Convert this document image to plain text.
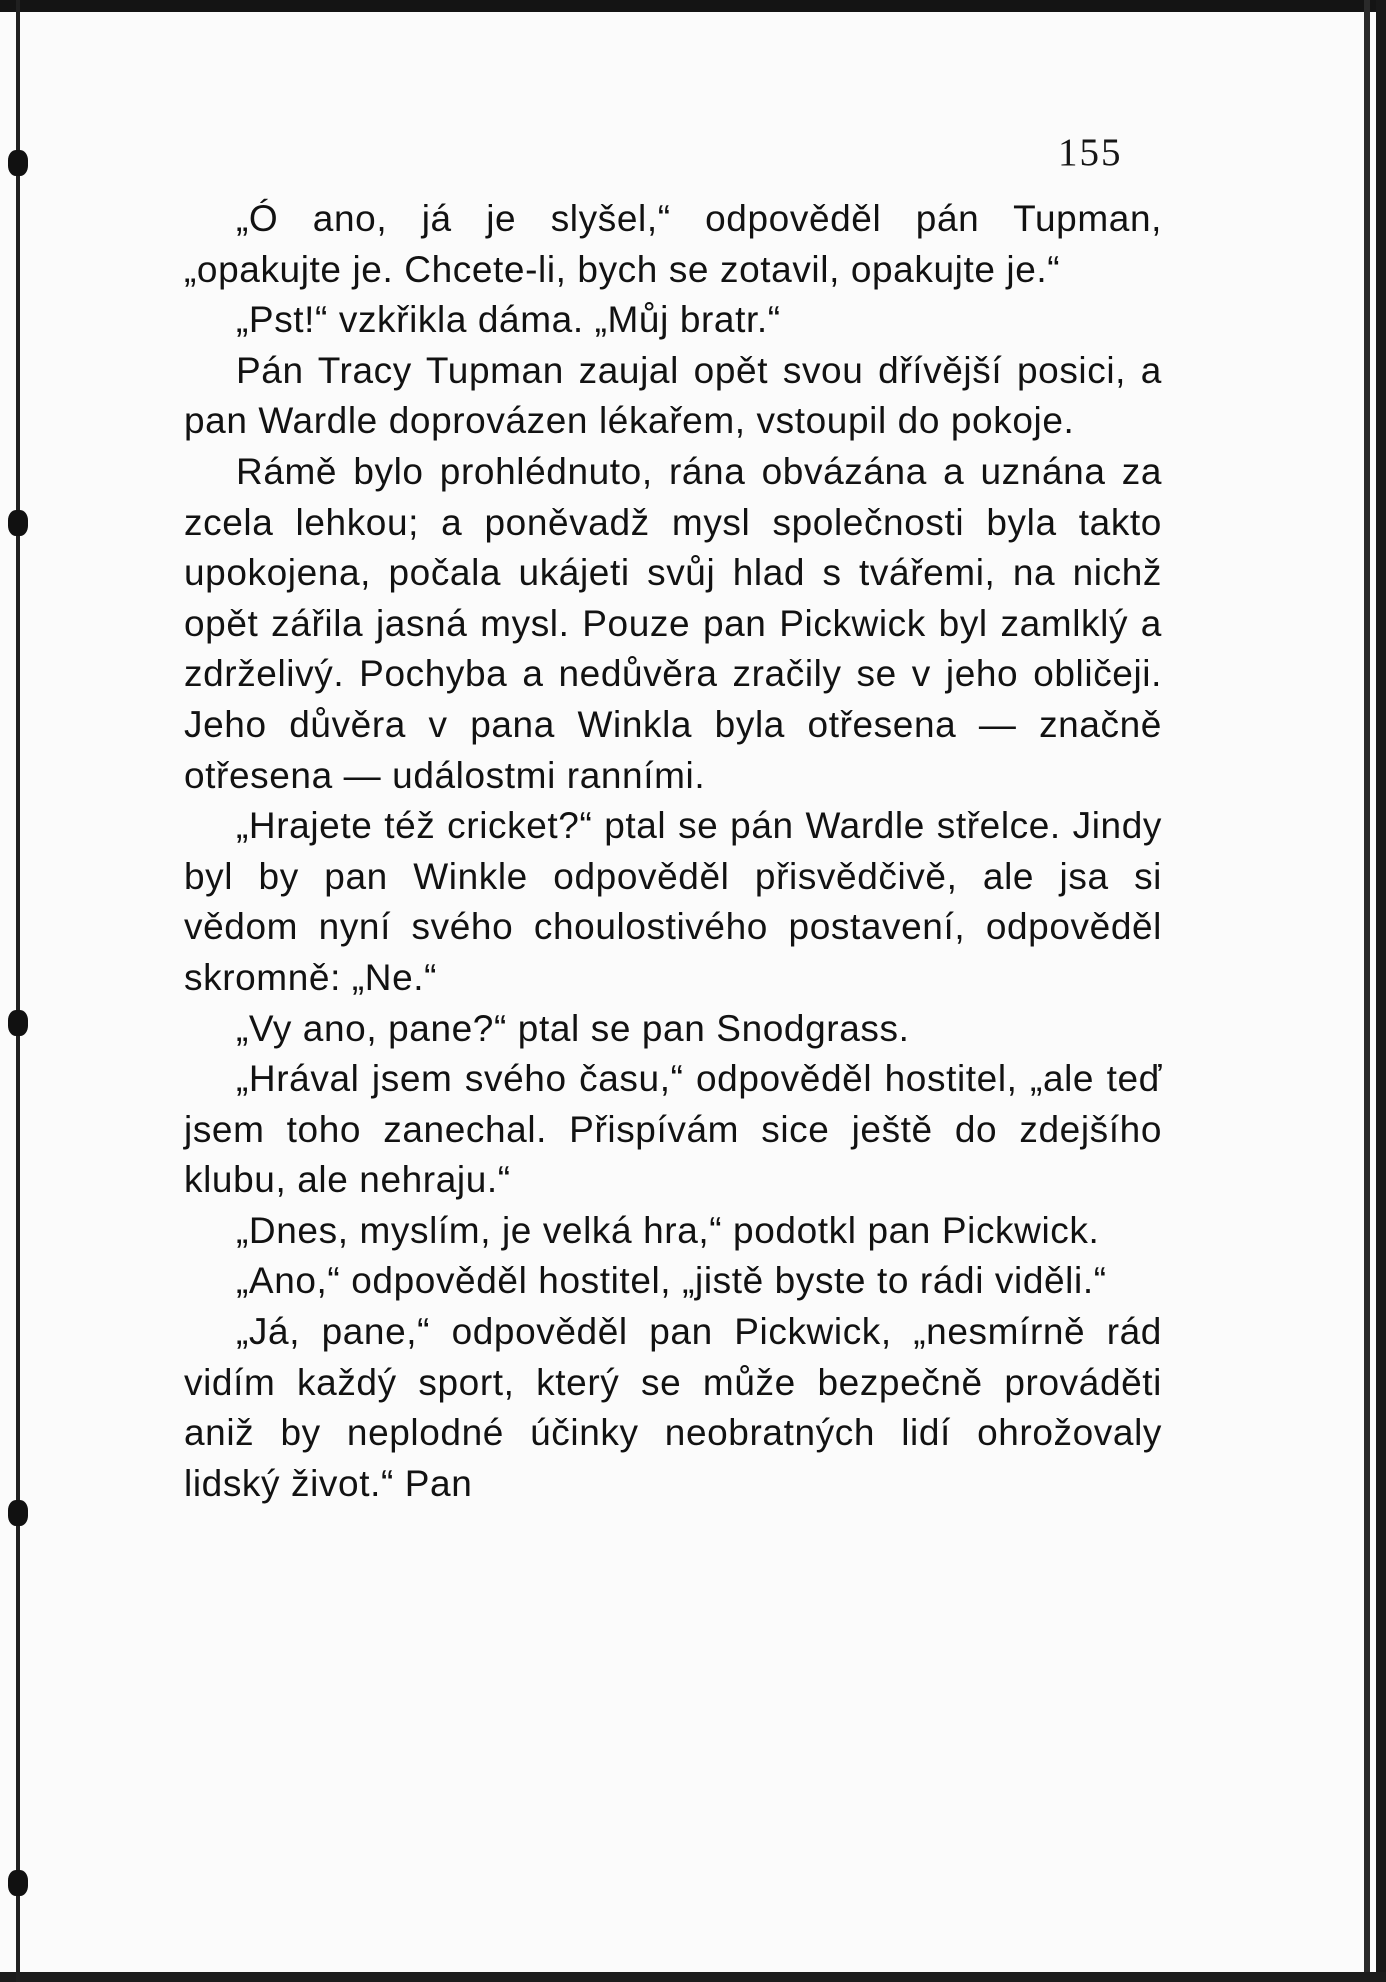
155

„Ó ano, já je slyšel,“ odpověděl pán Tupman, „opakujte je. Chcete-li, bych se zotavil, opakujte je.“

„Pst!“ vzkřikla dáma. „Můj bratr.“

Pán Tracy Tupman zaujal opět svou dřívější posici, a pan Wardle doprovázen lékařem, vstoupil do pokoje.

Rámě bylo prohlédnuto, rána obvázána a uznána za zcela lehkou; a poněvadž mysl společnosti byla takto upokojena, počala ukájeti svůj hlad s tvářemi, na nichž opět zářila jasná mysl. Pouze pan Pickwick byl zamlklý a zdrželivý. Pochyba a nedůvěra zračily se v jeho obličeji. Jeho důvěra v pana Winkla byla otřesena — značně otřesena — událostmi ranními.

„Hrajete též cricket?“ ptal se pán Wardle střelce. Jindy byl by pan Winkle odpověděl přisvědčivě, ale jsa si vědom nyní svého choulostivého postavení, odpověděl skromně: „Ne.“

„Vy ano, pane?“ ptal se pan Snodgrass.

„Hrával jsem svého času,“ odpověděl hostitel, „ale teď jsem toho zanechal. Přispívám sice ještě do zdejšího klubu, ale nehraju.“

„Dnes, myslím, je velká hra,“ podotkl pan Pickwick.

„Ano,“ odpověděl hostitel, „jistě byste to rádi viděli.“

„Já, pane,“ odpověděl pan Pickwick, „nesmírně rád vidím každý sport, který se může bezpečně prováděti aniž by neplodné účinky neobratných lidí ohrožovaly lidský život.“ Pan
